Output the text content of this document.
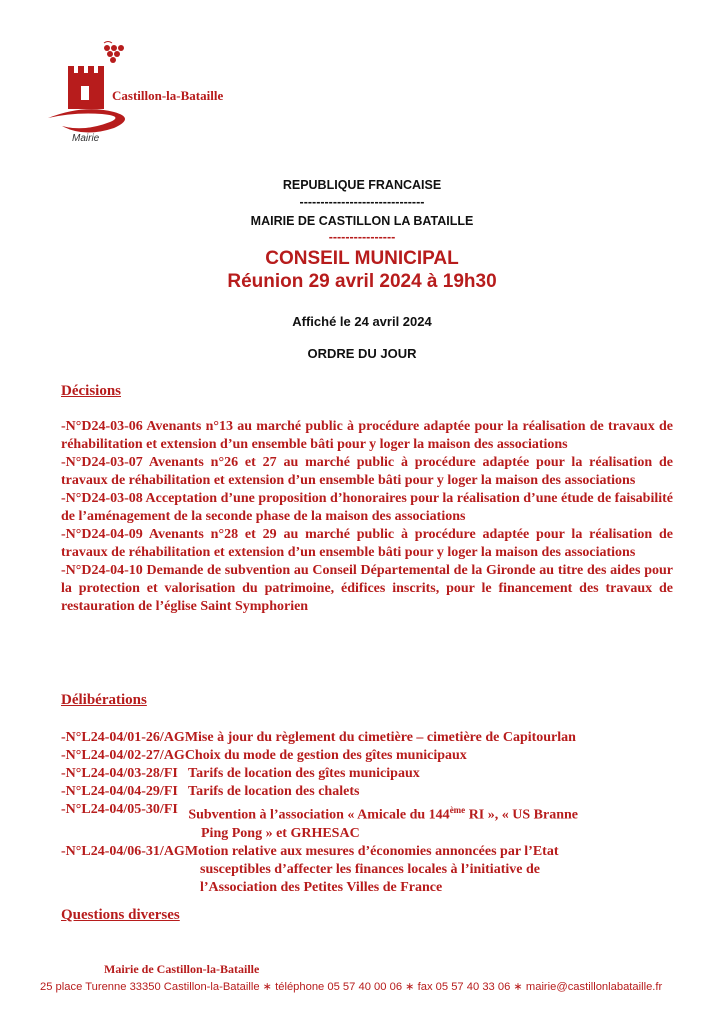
Castillon-la-Bataille
Mairie
REPUBLIQUE FRANCAISE
------------------------------
MAIRIE DE CASTILLON LA BATAILLE
----------------
CONSEIL MUNICIPAL
Réunion 29 avril 2024 à 19h30
Affiché le 24 avril 2024
ORDRE DU JOUR
Décisions

-N°D24-03-06 Avenants n°13 au marché public à procédure adaptée pour la réalisation de travaux de réhabilitation et extension d’un ensemble bâti pour y loger la maison des associations

-N°D24-03-07 Avenants n°26 et 27 au marché public à procédure adaptée pour la réalisation de travaux de réhabilitation et extension d’un ensemble bâti pour y loger la maison des associations

-N°D24-03-08 Acceptation d’une proposition d’honoraires pour la réalisation d’une étude de faisabilité de l’aménagement de la seconde phase de la maison des associations

-N°D24-04-09 Avenants n°28 et 29 au marché public à procédure adaptée pour la réalisation de travaux de réhabilitation et extension d’un ensemble bâti pour y loger la maison des associations

-N°D24-04-10 Demande de subvention au Conseil Départemental de la Gironde au titre des aides pour la protection et valorisation du patrimoine, édifices inscrits, pour le financement des travaux de restauration de l’église Saint Symphorien

Délibérations
-N°L24-04/01-26/AG Mise à jour du règlement du cimetière – cimetière de Capitourlan
-N°L24-04/02-27/AG Choix du mode de gestion des gîtes municipaux
-N°L24-04/03-28/FI Tarifs de location des gîtes municipaux
-N°L24-04/04-29/FI Tarifs de location des chalets
-N°L24-04/05-30/FI Subvention à l’association « Amicale du 144ème RI », « US Branne
Ping Pong » et GRHESAC
-N°L24-04/06-31/AG Motion relative aux mesures d’économies annoncées par l’Etat
susceptibles d’affecter les finances locales à l’initiative de
l’Association des Petites Villes de France
Questions diverses
Mairie de Castillon-la-Bataille
25 place Turenne 33350 Castillon-la-Bataille ∗ téléphone 05 57 40 00 06 ∗ fax 05 57 40 33 06 ∗ mairie@castillonlabataille.fr
